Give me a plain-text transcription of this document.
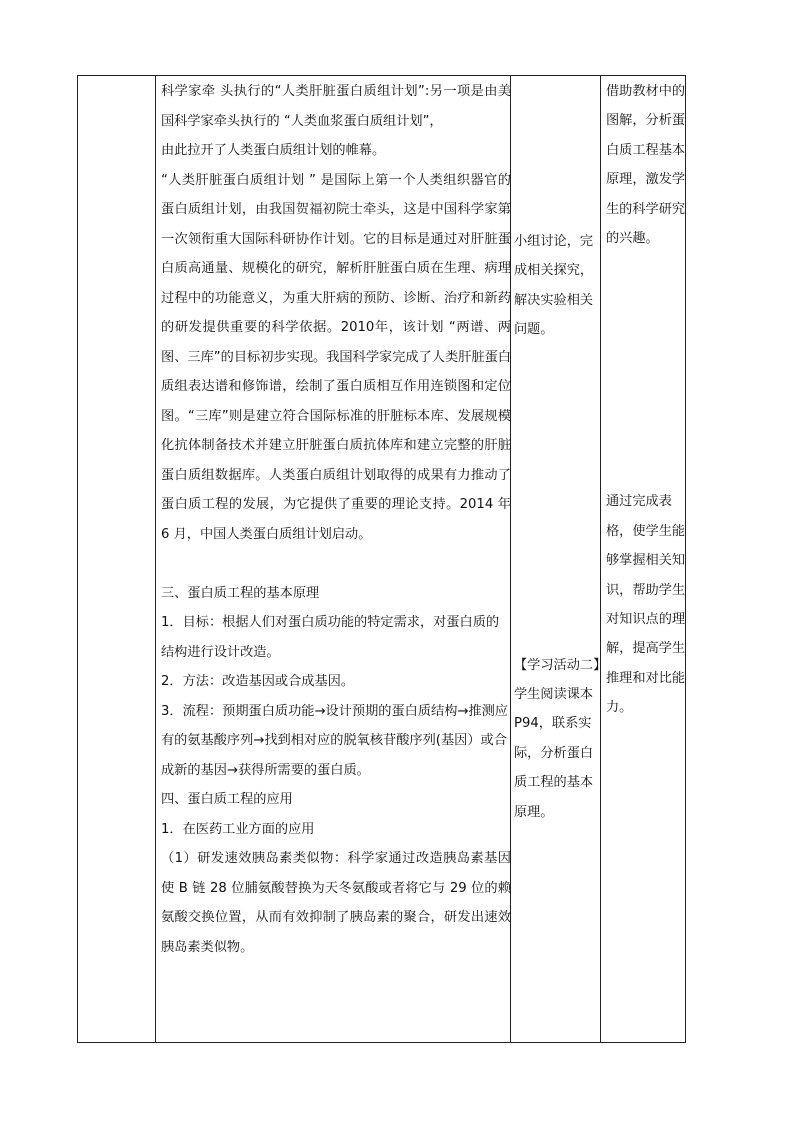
科学家牵 头执行的“人类肝脏蛋白质组计划”:另一项是由美国科学家牵头执行的 “人类血浆蛋白质组计划”，

由此拉开了人类蛋白质组计划的帷幕。

“人类肝脏蛋白质组计划 ” 是国际上第一个人类组织器官的蛋白质组计划，由我国贺福初院士牵头，这是中国科学家第一次领衔重大国际科研协作计划。它的目标是通过对肝脏蛋白质高通量、规模化的研究，解析肝脏蛋白质在生理、病理过程中的功能意义，为重大肝病的预防、诊断、治疗和新药的研发提供重要的科学依据。2010年，该计划 “两谱、两图、三库”的目标初步实现。我国科学家完成了人类肝脏蛋白质组表达谱和修饰谱，绘制了蛋白质相互作用连锁图和定位图。“三库”则是建立符合国际标准的肝脏标本库、发展规模化抗体制备技术并建立肝脏蛋白质抗体库和建立完整的肝脏蛋白质组数据库。人类蛋白质组计划取得的成果有力推动了蛋白质工程的发展，为它提供了重要的理论支持。2014 年 6 月，中国人类蛋白质组计划启动。

三、蛋白质工程的基本原理

1．目标：根据人们对蛋白质功能的特定需求，对蛋白质的结构进行设计改造。

2．方法：改造基因或合成基因。

3．流程：预期蛋白质功能→设计预期的蛋白质结构→推测应有的氨基酸序列→找到相对应的脱氧核苷酸序列(基因）或合成新的基因→获得所需要的蛋白质。

四、蛋白质工程的应用

1．在医药工业方面的应用

（1）研发速效胰岛素类似物：科学家通过改造胰岛素基因使 B 链 28 位脯氨酸替换为天冬氨酸或者将它与 29 位的赖氨酸交换位置，从而有效抑制了胰岛素的聚合，研发出速效胰岛素类似物。

小组讨论，完成相关探究，解决实验相关问题。

【学习活动二】

学生阅读课本 P94，联系实际，分析蛋白质工程的基本原理。

借助教材中的图解，分析蛋白质工程基本原理，激发学生的科学研究的兴趣。

通过完成表格，使学生能够掌握相关知识，帮助学生对知识点的理解，提高学生推理和对比能力。
